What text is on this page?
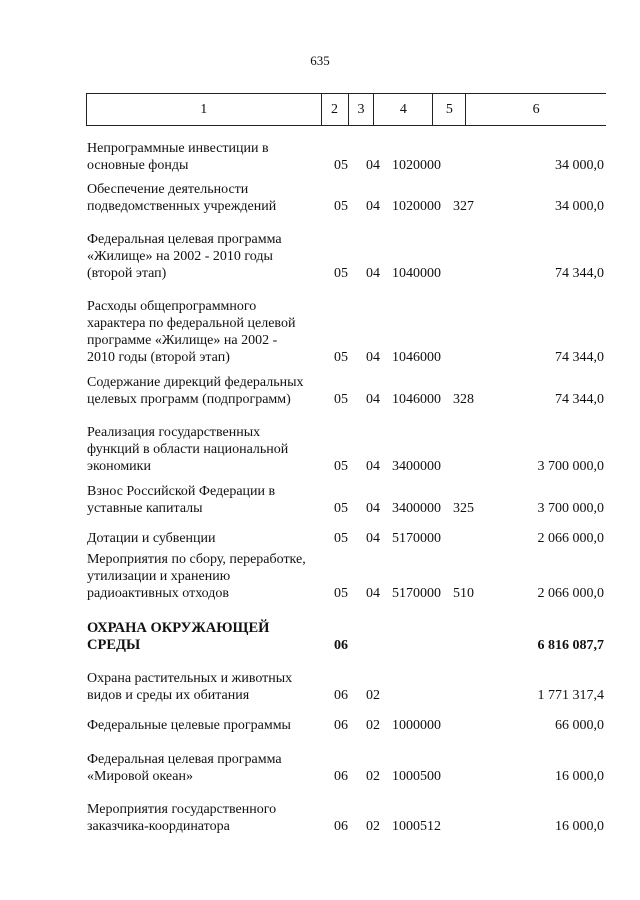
635
1	2	3	4	5	6
Непрограммные инвестиции в
основные фонды	05 04 1020000	34 000,0
Обеспечение деятельности
подведомственных учреждений	05 04 1020000 327	34 000,0
Федеральная целевая программа
«Жилище» на 2002 - 2010 годы
(второй этап)	05 04 1040000	74 344,0
Расходы общепрограммного
характера по федеральной целевой
программе «Жилище» на 2002 -
2010 годы (второй этап)	05 04 1046000	74 344,0
Содержание дирекций федеральных
целевых программ (подпрограмм)	05 04 1046000 328	74 344,0
Реализация государственных
функций в области национальной
экономики	05 04 3400000	3 700 000,0
Взнос Российской Федерации в
уставные капиталы	05 04 3400000 325	3 700 000,0
Дотации и субвенции	05 04 5170000	2 066 000,0
Мероприятия по сбору, переработке,
утилизации и хранению
радиоактивных отходов	05 04 5170000 510	2 066 000,0
ОХРАНА ОКРУЖАЮЩЕЙ
СРЕДЫ	06	6 816 087,7
Охрана растительных и животных
видов и среды их обитания	06 02	1 771 317,4
Федеральные целевые программы	06 02 1000000	66 000,0
Федеральная целевая программа
«Мировой океан»	06 02 1000500	16 000,0
Мероприятия государственного
заказчика-координатора	06 02 1000512	16 000,0
